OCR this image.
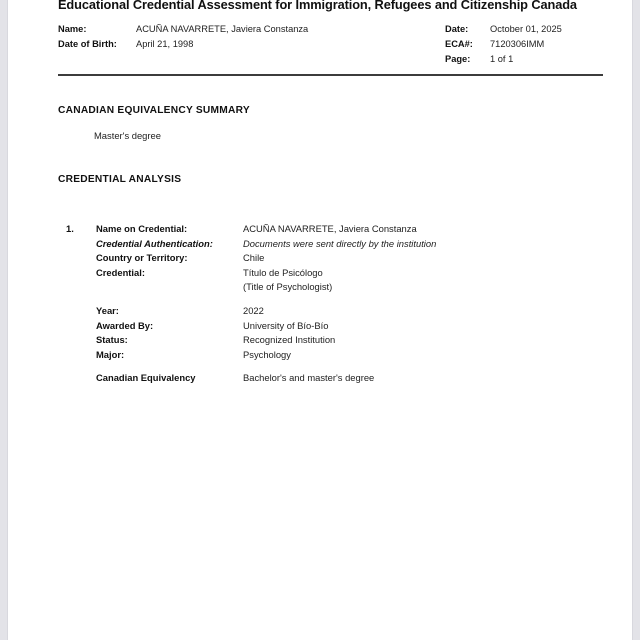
Educational Credential Assessment for Immigration, Refugees and Citizenship Canada
Name:	ACUÑA NAVARRETE, Javiera Constanza
Date of Birth:	April 21, 1998
Date:	October 01, 2025
ECA#:	7120306IMM
Page:	1 of 1
CANADIAN EQUIVALENCY SUMMARY
Master's degree
CREDENTIAL ANALYSIS
1.	Name on Credential:	ACUÑA NAVARRETE, Javiera Constanza
Credential Authentication:	Documents were sent directly by the institution
Country or Territory:	Chile
Credential:	Título de Psicólogo
(Title of Psychologist)
Year:	2022
Awarded By:	University of Bío-Bío
Status:	Recognized Institution
Major:	Psychology
Canadian Equivalency	Bachelor's and master's degree
